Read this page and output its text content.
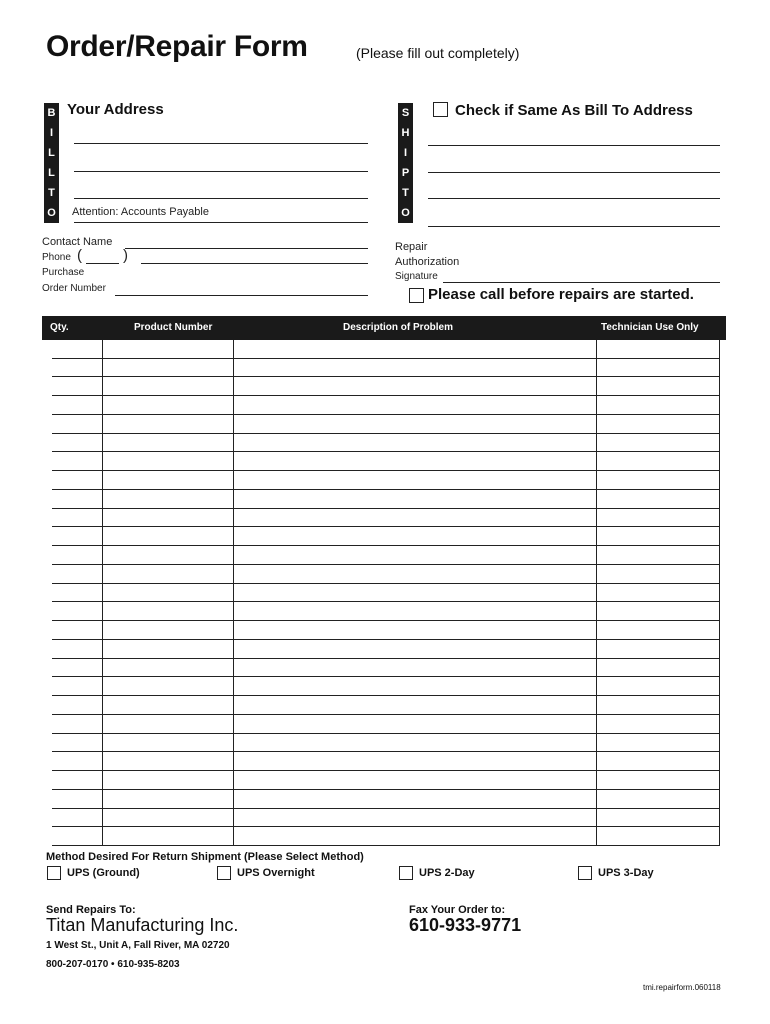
Order/Repair Form	(Please fill out completely)
B
I
L
L
T
O
Your Address
Attention: Accounts Payable
S
H
I
P
T
O
Check if Same As Bill To Address
Contact Name
Phone (	)
Purchase
Order Number
Repair
Authorization
Signature
Please call before repairs are started.
Qty.	Product Number	Description of Problem	Technician Use Only
Method Desired For Return Shipment (Please Select Method)
UPS (Ground)	UPS Overnight	UPS 2-Day	UPS 3-Day
Send Repairs To:
Titan Manufacturing Inc.
1 West St., Unit A, Fall River, MA 02720
800-207-0170 • 610-935-8203
Fax Your Order to:
610-933-9771
tmi.repairform.060118
